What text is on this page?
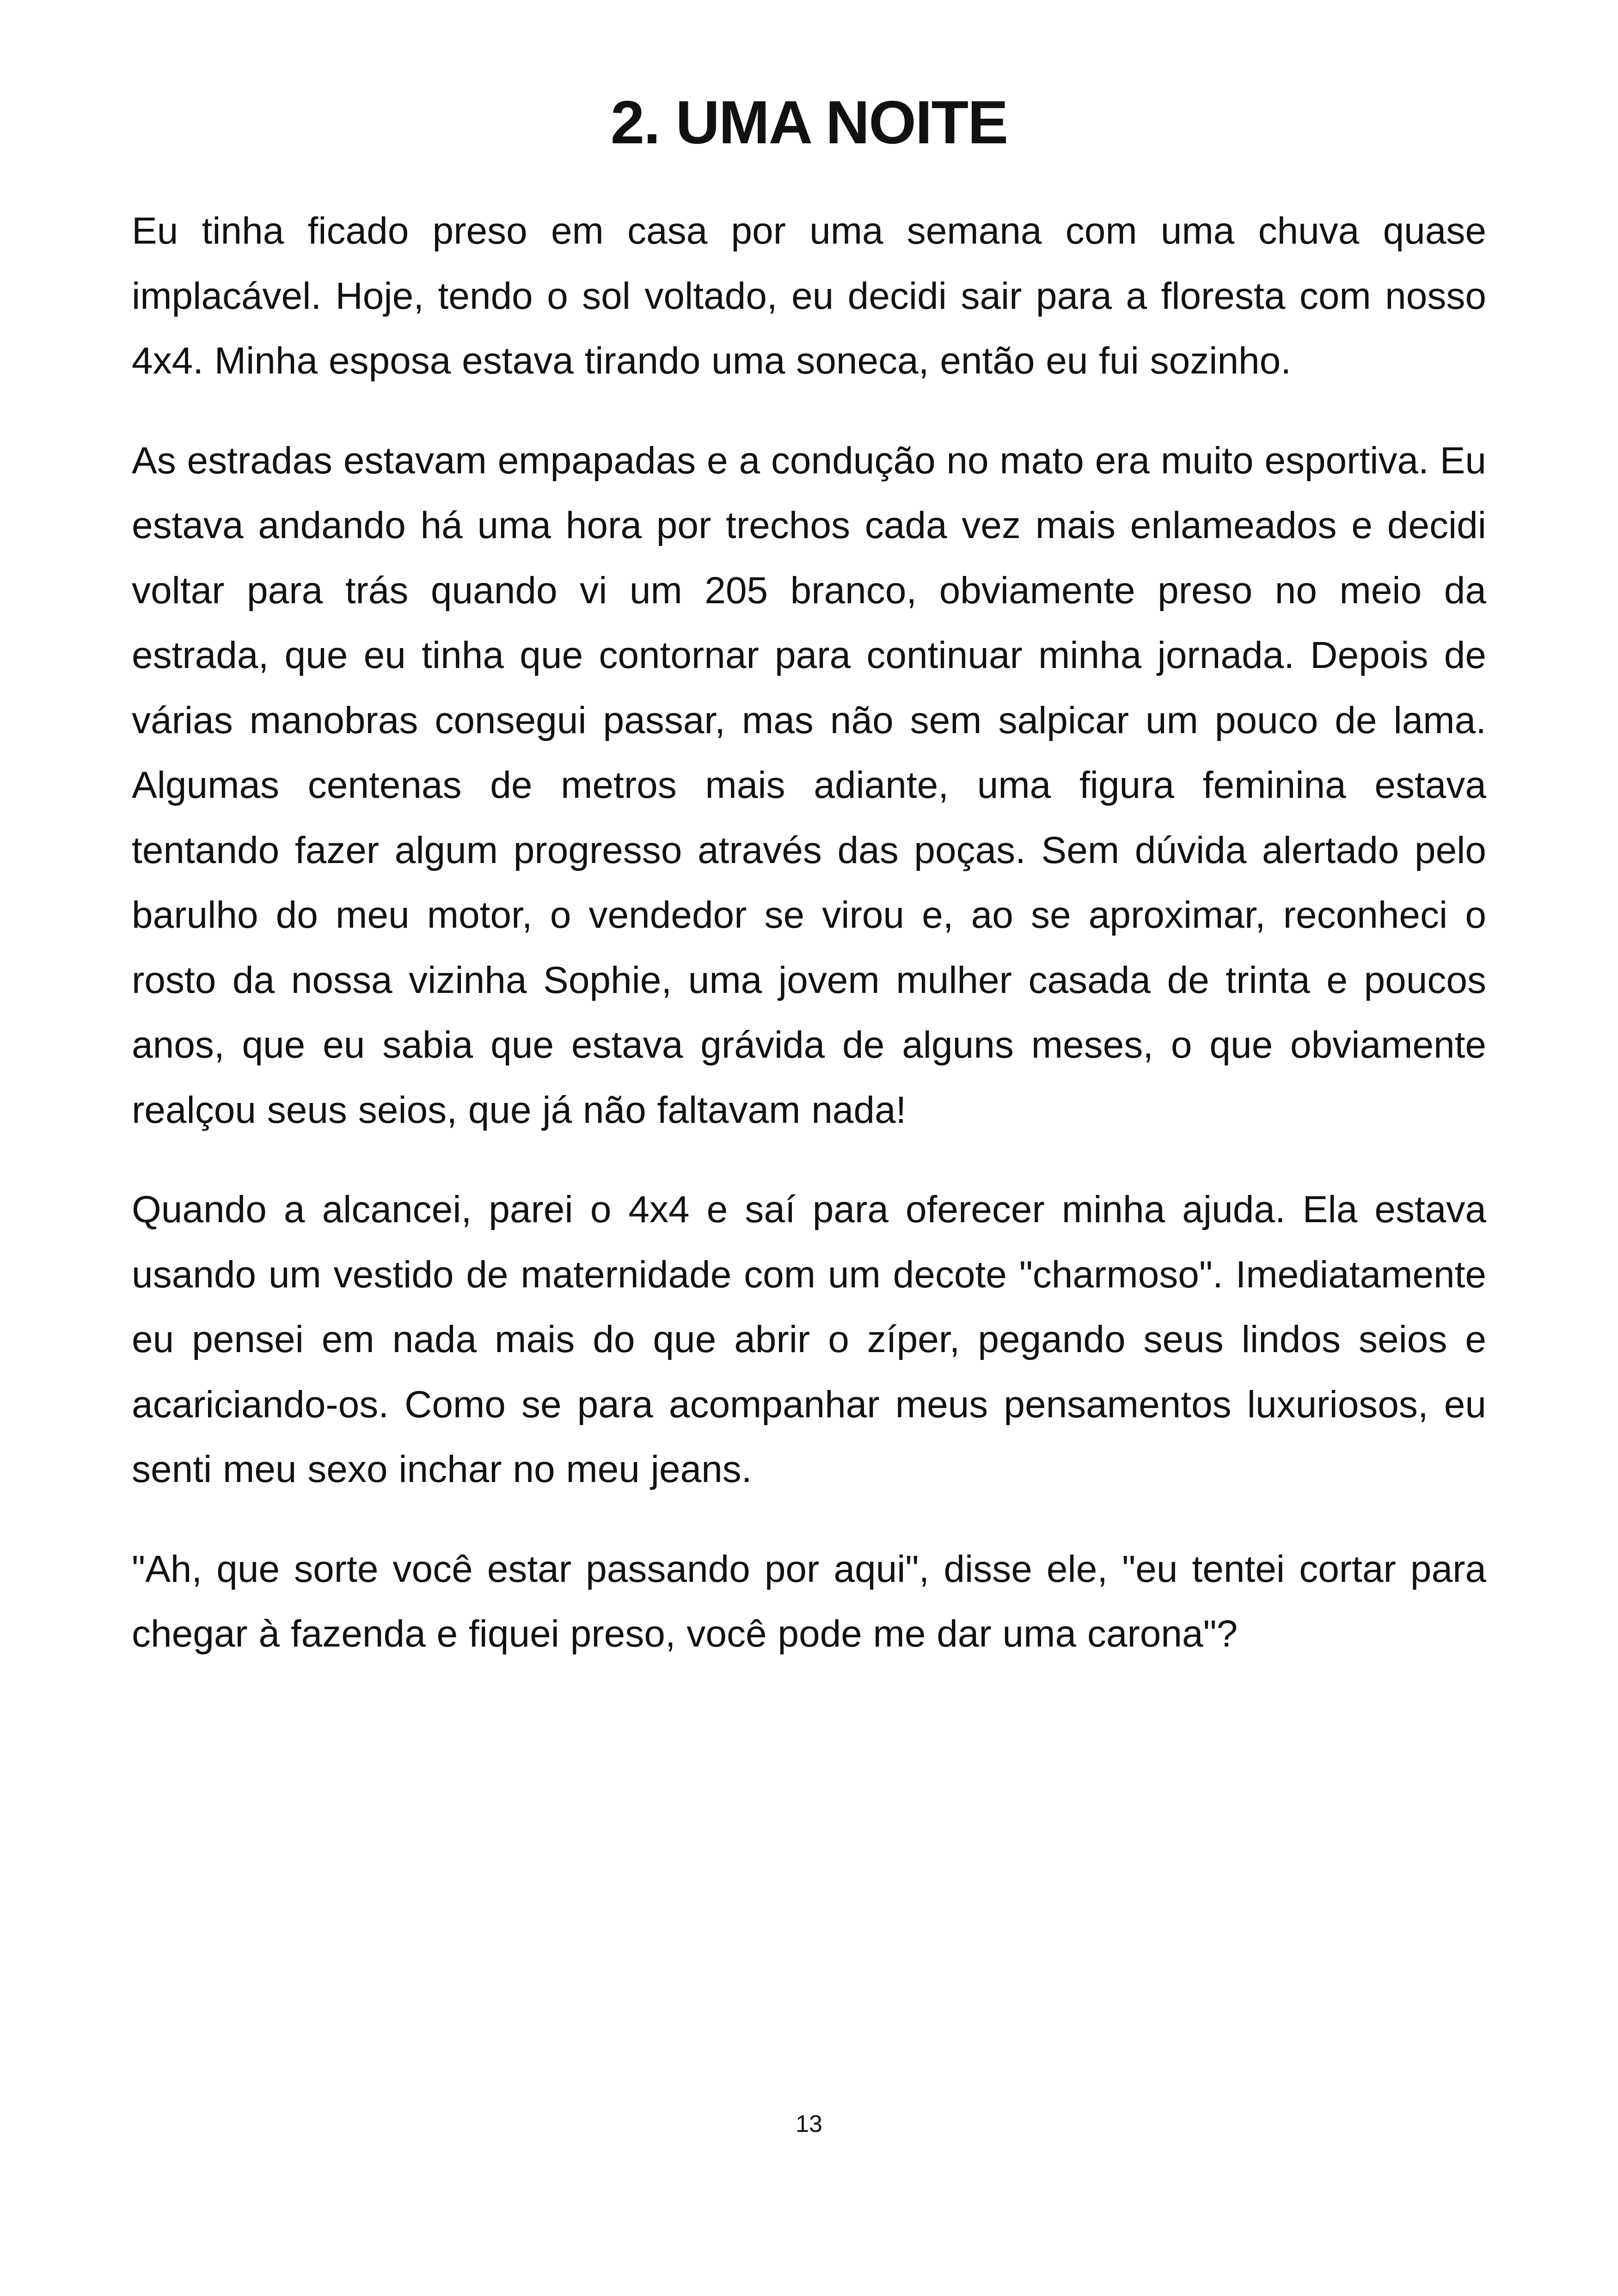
2. UMA NOITE

Eu tinha ficado preso em casa por uma semana com uma chuva quase implacável. Hoje, tendo o sol voltado, eu decidi sair para a floresta com nosso 4x4. Minha esposa estava tirando uma soneca, então eu fui sozinho.

As estradas estavam empapadas e a condução no mato era muito esportiva. Eu estava andando há uma hora por trechos cada vez mais enlameados e decidi voltar para trás quando vi um 205 branco, obviamente preso no meio da estrada, que eu tinha que contornar para continuar minha jornada. Depois de várias manobras consegui passar, mas não sem salpicar um pouco de lama. Algumas centenas de metros mais adiante, uma figura feminina estava tentando fazer algum progresso através das poças. Sem dúvida alertado pelo barulho do meu motor, o vendedor se virou e, ao se aproximar, reconheci o rosto da nossa vizinha Sophie, uma jovem mulher casada de trinta e poucos anos, que eu sabia que estava grávida de alguns meses, o que obviamente realçou seus seios, que já não faltavam nada!

Quando a alcancei, parei o 4x4 e saí para oferecer minha ajuda. Ela estava usando um vestido de maternidade com um decote "charmoso". Imediatamente eu pensei em nada mais do que abrir o zíper, pegando seus lindos seios e acariciando-os. Como se para acompanhar meus pensamentos luxuriosos, eu senti meu sexo inchar no meu jeans.

"Ah, que sorte você estar passando por aqui", disse ele, "eu tentei cortar para chegar à fazenda e fiquei preso, você pode me dar uma carona"?

13
